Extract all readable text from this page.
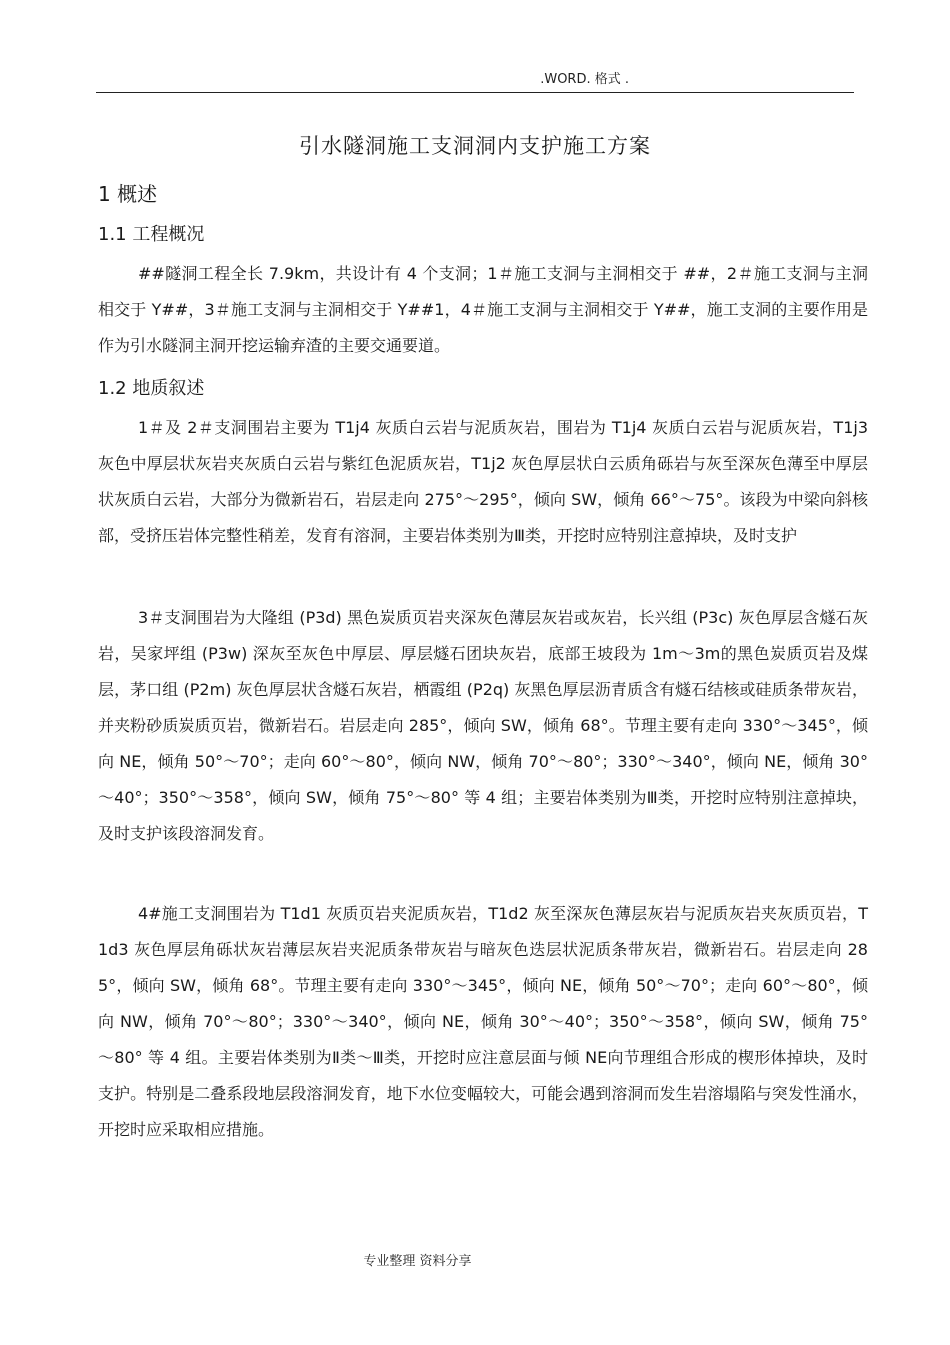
.WORD. 格式 .
引水隧洞施工支洞洞内支护施工方案
1 概述
1.1 工程概况

##隧洞工程全长 7.9km，共设计有 4 个支洞；1＃施工支洞与主洞相交于 ##，2＃施工支洞与主洞相交于 Y##，3＃施工支洞与主洞相交于 Y##1，4＃施工支洞与主洞相交于 Y##，施工支洞的主要作用是作为引水隧洞主洞开挖运输弃渣的主要交通要道。

1.2 地质叙述

1＃及 2＃支洞围岩主要为 T1j4 灰质白云岩与泥质灰岩，围岩为 T1j4 灰质白云岩与泥质灰岩，T1j3 灰色中厚层状灰岩夹灰质白云岩与紫红色泥质灰岩，T1j2 灰色厚层状白云质角砾岩与灰至深灰色薄至中厚层状灰质白云岩，大部分为微新岩石，岩层走向 275°～295°，倾向 SW，倾角 66°～75°。该段为中梁向斜核部，受挤压岩体完整性稍差，发育有溶洞，主要岩体类别为Ⅲ类，开挖时应特别注意掉块，及时支护

3＃支洞围岩为大隆组 (P3d) 黑色炭质页岩夹深灰色薄层灰岩或灰岩，长兴组 (P3c) 灰色厚层含燧石灰岩，吴家坪组 (P3w) 深灰至灰色中厚层、厚层燧石团块灰岩，底部王坡段为 1m～3m的黑色炭质页岩及煤层，茅口组 (P2m) 灰色厚层状含燧石灰岩，栖霞组 (P2q) 灰黑色厚层沥青质含有燧石结核或硅质条带灰岩，并夹粉砂质炭质页岩，微新岩石。岩层走向 285°，倾向 SW，倾角 68°。节理主要有走向 330°～345°，倾向 NE，倾角 50°～70°；走向 60°～80°，倾向 NW，倾角 70°～80°；330°～340°，倾向 NE，倾角 30°～40°；350°～358°，倾向 SW，倾角 75°～80° 等 4 组；主要岩体类别为Ⅲ类，开挖时应特别注意掉块，及时支护该段溶洞发育。

4#施工支洞围岩为 T1d1 灰质页岩夹泥质灰岩，T1d2 灰至深灰色薄层灰岩与泥质灰岩夹灰质页岩，T1d3 灰色厚层角砾状灰岩薄层灰岩夹泥质条带灰岩与暗灰色迭层状泥质条带灰岩，微新岩石。岩层走向 285°，倾向 SW，倾角 68°。节理主要有走向 330°～345°，倾向 NE，倾角 50°～70°；走向 60°～80°，倾向 NW，倾角 70°～80°；330°～340°，倾向 NE，倾角 30°～40°；350°～358°，倾向 SW，倾角 75°～80° 等 4 组。主要岩体类别为Ⅱ类～Ⅲ类，开挖时应注意层面与倾 NE向节理组合形成的楔形体掉块，及时支护。特别是二叠系段地层段溶洞发育，地下水位变幅较大，可能会遇到溶洞而发生岩溶塌陷与突发性涌水，开挖时应采取相应措施。

专业整理 资料分享
